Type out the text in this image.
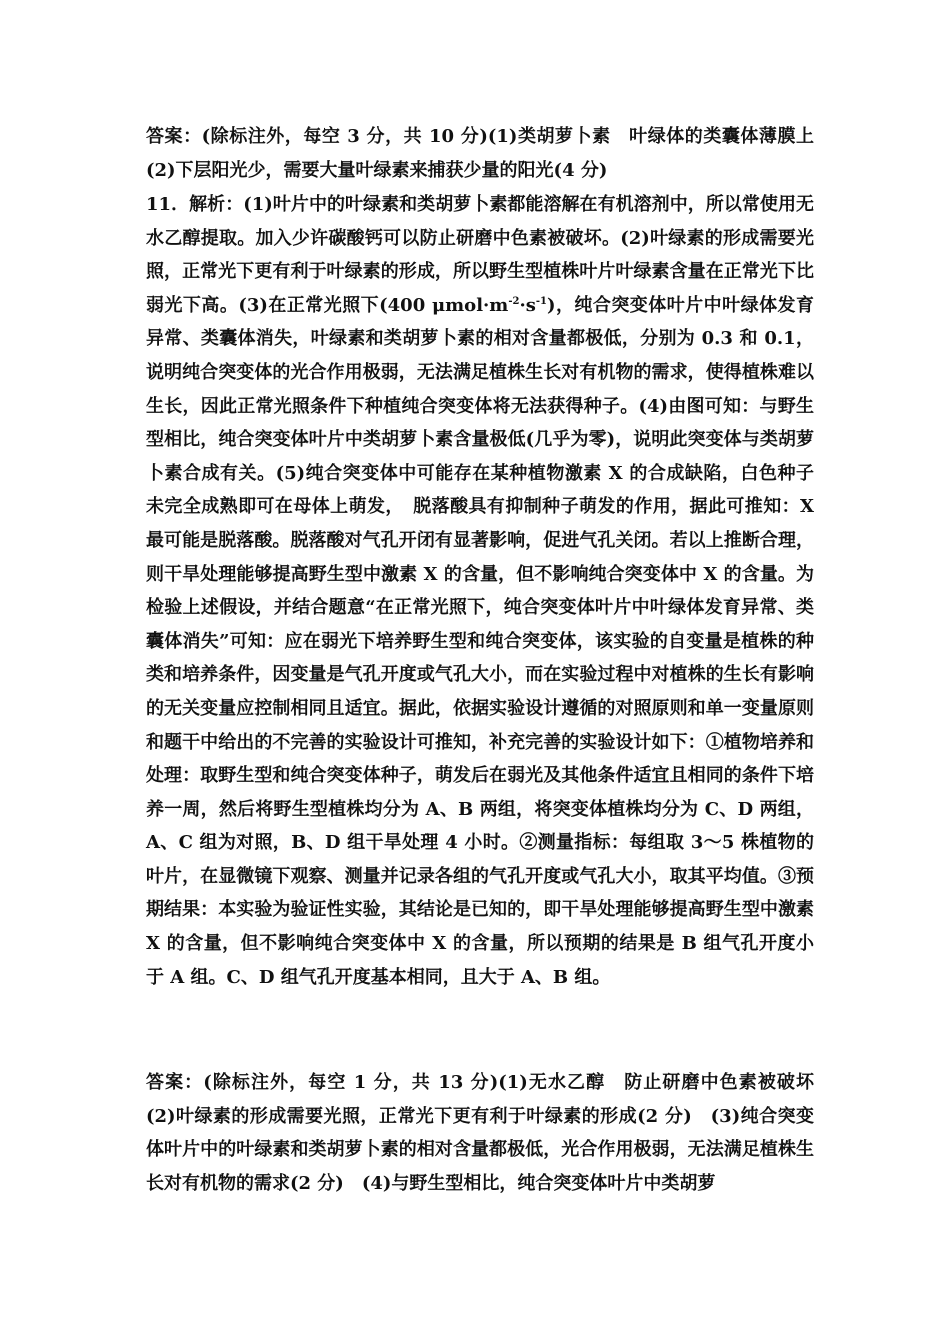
答案：(除标注外，每空 3 分，共 10 分)(1)类胡萝卜素　叶绿体的类囊体薄膜上　(2)下层阳光少，需要大量叶绿素来捕获少量的阳光(4 分)

11．解析：(1)叶片中的叶绿素和类胡萝卜素都能溶解在有机溶剂中，所以常使用无水乙醇提取。加入少许碳酸钙可以防止研磨中色素被破坏。(2)叶绿素的形成需要光照，正常光下更有利于叶绿素的形成，所以野生型植株叶片叶绿素含量在正常光下比弱光下高。(3)在正常光照下(400 $\mu mol\cdot m^{-2}\cdot s^{-1}$)，纯合突变体叶片中叶绿体发育异常、类囊体消失，叶绿素和类胡萝卜素的相对含量都极低，分别为 0.3 和 0.1，说明纯合突变体的光合作用极弱，无法满足植株生长对有机物的需求，使得植株难以生长，因此正常光照条件下种植纯合突变体将无法获得种子。(4)由图可知：与野生型相比，纯合突变体叶片中类胡萝卜素含量极低(几乎为零)，说明此突变体与类胡萝卜素合成有关。(5)纯合突变体中可能存在某种植物激素 X 的合成缺陷，白色种子未完全成熟即可在母体上萌发，　脱落酸具有抑制种子萌发的作用，据此可推知：X 最可能是脱落酸。脱落酸对气孔开闭有显著影响，促进气孔关闭。若以上推断合理，则干旱处理能够提高野生型中激素 X 的含量，但不影响纯合突变体中 X 的含量。为检验上述假设，并结合题意“在正常光照下，纯合突变体叶片中叶绿体发育异常、类囊体消失”可知：应在弱光下培养野生型和纯合突变体，该实验的自变量是植株的种类和培养条件，因变量是气孔开度或气孔大小，而在实验过程中对植株的生长有影响的无关变量应控制相同且适宜。据此，依据实验设计遵循的对照原则和单一变量原则和题干中给出的不完善的实验设计可推知，补充完善的实验设计如下：①植物培养和处理：取野生型和纯合突变体种子，萌发后在弱光及其他条件适宜且相同的条件下培养一周，然后将野生型植株均分为 A、B 两组，将突变体植株均分为 C、D 两组，A、C 组为对照，B、D 组干旱处理 4 小时。②测量指标：每组取 3～5 株植物的叶片，在显微镜下观察、测量并记录各组的气孔开度或气孔大小，取其平均值。③预期结果：本实验为验证性实验，其结论是已知的，即干旱处理能够提高野生型中激素 X 的含量，但不影响纯合突变体中 X 的含量，所以预期的结果是 B 组气孔开度小于 A 组。C、D 组气孔开度基本相同，且大于 A、B 组。

答案：(除标注外，每空 1 分，共 13 分)(1)无水乙醇　防止研磨中色素被破坏　(2)叶绿素的形成需要光照，正常光下更有利于叶绿素的形成(2 分)　(3)纯合突变体叶片中的叶绿素和类胡萝卜素的相对含量都极低，光合作用极弱，无法满足植株生长对有机物的需求(2 分)　(4)与野生型相比，纯合突变体叶片中类胡萝
